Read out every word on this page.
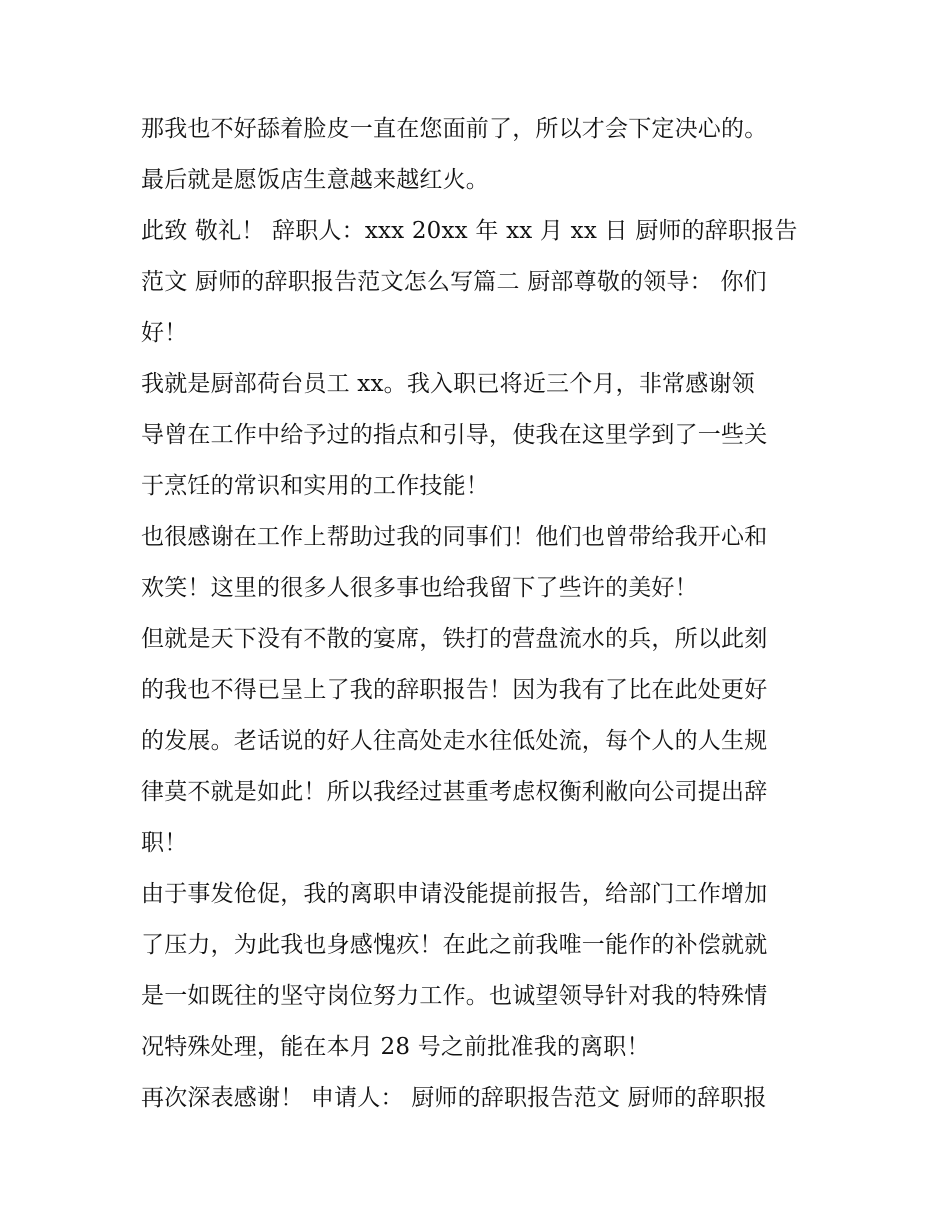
那我也不好舔着脸皮一直在您面前了，所以才会下定决心的。
最后就是愿饭店生意越来越红火。
此致 敬礼！ 辞职人：xxx 20xx 年 xx 月 xx 日 厨师的辞职报告
范文 厨师的辞职报告范文怎么写篇二 厨部尊敬的领导： 你们
好！
我就是厨部荷台员工 xx。我入职已将近三个月，非常感谢领
导曾在工作中给予过的指点和引导，使我在这里学到了一些关
于烹饪的常识和实用的工作技能！
也很感谢在工作上帮助过我的同事们！他们也曾带给我开心和
欢笑！这里的很多人很多事也给我留下了些许的美好！
但就是天下没有不散的宴席，铁打的营盘流水的兵，所以此刻
的我也不得已呈上了我的辞职报告！因为我有了比在此处更好
的发展。老话说的好人往高处走水往低处流，每个人的人生规
律莫不就是如此！所以我经过甚重考虑权衡利敝向公司提出辞
职！
由于事发伧促，我的离职申请没能提前报告，给部门工作增加
了压力，为此我也身感愧疚！在此之前我唯一能作的补偿就就
是一如既往的坚守岗位努力工作。也诚望领导针对我的特殊情
况特殊处理，能在本月 28 号之前批准我的离职！
再次深表感谢！ 申请人： 厨师的辞职报告范文 厨师的辞职报
